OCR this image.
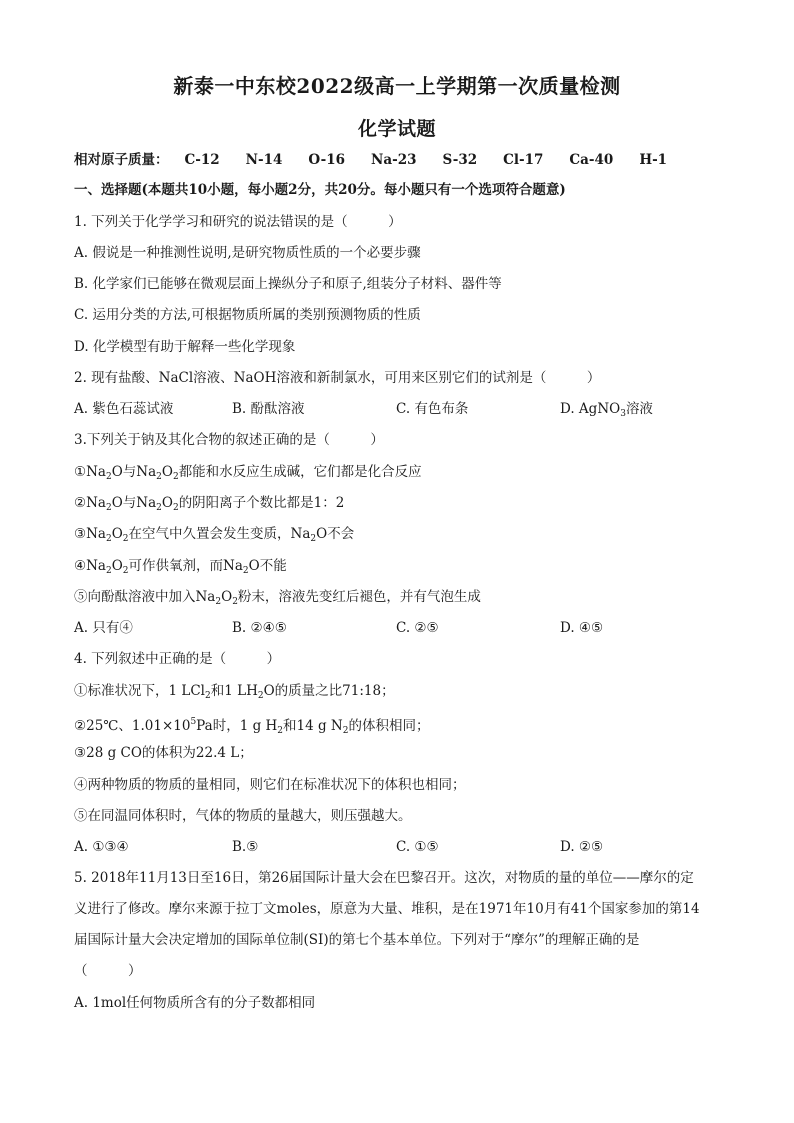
新泰一中东校2022级高一上学期第一次质量检测
化学试题
相对原子质量： C-12 N-14 O-16 Na-23 S-32 Cl-17 Ca-40 H-1
一、选择题(本题共10小题，每小题2分，共20分。每小题只有一个选项符合题意)
1. 下列关于化学学习和研究的说法错误的是（　　　）
A. 假说是一种推测性说明,是研究物质性质的一个必要步骤
B. 化学家们已能够在微观层面上操纵分子和原子,组装分子材料、器件等
C. 运用分类的方法,可根据物质所属的类别预测物质的性质
D. 化学模型有助于解释一些化学现象
2. 现有盐酸、NaCl溶液、NaOH溶液和新制氯水，可用来区别它们的试剂是（　　　）
A. 紫色石蕊试液	B. 酚酞溶液	C. 有色布条	D. AgNO$_3$溶液
3.下列关于钠及其化合物的叙述正确的是（　　　）
$①Na_2O$与$Na_2O_2$都能和水反应生成碱，它们都是化合反应
$②Na_2O$与$Na_2O_2$的阴阳离子个数比都是1：2
$③Na_2O_2$在空气中久置会发生变质，$Na_2O$不会
$④Na_2O_2$可作供氧剂，而$Na_2O$不能
⑤向酚酞溶液中加入$Na_2O_2$粉末，溶液先变红后褪色，并有气泡生成
A. 只有④	B. ②④⑤	C. ②⑤	D. ④⑤
4. 下列叙述中正确的是（　　　）
①标准状况下，1 LCl$_2$和1 $LH_2O$的质量之比71:18；
②25℃、$1.01\times 10^5Pa$时，1 g $H_2$和14 g $N_2$的体积相同；
③28 g CO的体积为22.4 L；
④两种物质的物质的量相同，则它们在标准状况下的体积也相同；
⑤在同温同体积时，气体的物质的量越大，则压强越大。
A. ①③④	B.⑤	C. ①⑤	D. ②⑤
5. 2018年11月13日至16日，第26届国际计量大会在巴黎召开。这次，对物质的量的单位——摩尔的定
义进行了修改。摩尔来源于拉丁文moles，原意为大量、堆积，是在1971年10月有41个国家参加的第14
届国际计量大会决定增加的国际单位制(SI)的第七个基本单位。下列对于“摩尔”的理解正确的是
（　　　）
A. 1mol任何物质所含有的分子数都相同
